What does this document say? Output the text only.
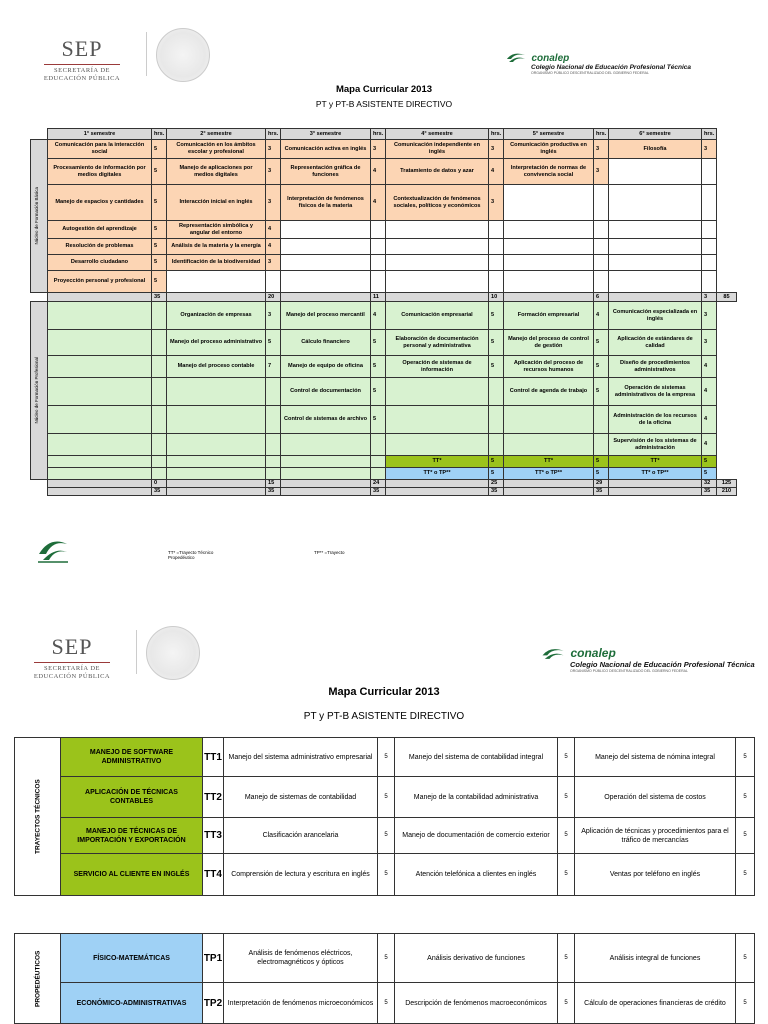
SEP
SECRETARÍA DE
EDUCACIÓN PÚBLICA
conalep
Colegio Nacional de Educación Profesional Técnica
ORGANISMO PÚBLICO DESCENTRALIZADO DEL GOBIERNO FEDERAL
Mapa Curricular 2013
PT y PT-B ASISTENTE DIRECTIVO
	1° semestre	hrs.	2° semestre	hrs.	3° semestre	hrs.	4° semestre	hrs.	5° semestre	hrs.	6° semestre	hrs.	

Núcleo de Formación Básica	Comunicación para la interacción social	5	Comunicación en los ámbitos escolar y profesional	3	Comunicación activa en inglés	3	Comunicación independiente en inglés	3	Comunicación productiva en inglés	3	Filosofía	3	
	Procesamiento de información por medios digitales	5	Manejo de aplicaciones por medios digitales	3	Representación gráfica de funciones	4	Tratamiento de datos y azar	4	Interpretación de normas de convivencia social	3			
	Manejo de espacios y cantidades	5	Interacción inicial en inglés	3	Interpretación de fenómenos físicos de la materia	4	Contextualización de fenómenos sociales, políticos y económicos	3					
	Autogestión del aprendizaje	5	Representación simbólica y angular del entorno	4									
	Resolución de problemas	5	Análisis de la materia y la energía	4									
	Desarrollo ciudadano	5	Identificación de la biodiversidad	3									
	Proyección personal y profesional	5											
		35		20		11		10		6		3	85

Núcleo de Formación Profesional			Organización de empresas	3	Manejo del proceso mercantil	4	Comunicación empresarial	5	Formación empresarial	4	Comunicación especializada en inglés	3	
			Manejo del proceso administrativo	5	Cálculo financiero	5	Elaboración de documentación personal y administrativa	5	Manejo del proceso de control de gestión	5	Aplicación de estándares de calidad	3	
			Manejo del proceso contable	7	Manejo de equipo de oficina	5	Operación de sistemas de información	5	Aplicación del proceso de recursos humanos	5	Diseño de procedimientos administrativos	4	
					Control de documentación	5			Control de agenda de trabajo	5	Operación de sistemas administrativos de la empresa	4	
					Control de sistemas de archivo	5					Administración de los recursos de la oficina	4	
											Supervisión de los sistemas de administración	4	
							TT*	5	TT*	5	TT*	5	
							TT* o TP**	5	TT* o TP**	5	TT* o TP**	5	
		0		15		24		25		29		32	125
		35		35		35		35		35		35	210
TT* =Trayecto Técnico Propedéutico
TP** =Trayecto
SEP
SECRETARÍA DE
EDUCACIÓN PÚBLICA
conalep
Colegio Nacional de Educación Profesional Técnica
ORGANISMO PÚBLICO DESCENTRALIZADO DEL GOBIERNO FEDERAL
Mapa Curricular 2013
PT y PT-B ASISTENTE DIRECTIVO
TRAYECTOS TÉCNICOS	MANEJO DE SOFTWARE ADMINISTRATIVO	TT1	Manejo del sistema administrativo empresarial	5	Manejo del sistema de contabilidad integral	5	Manejo del sistema de nómina integral	5
	APLICACIÓN DE TÉCNICAS CONTABLES	TT2	Manejo de sistemas de contabilidad	5	Manejo de la contabilidad administrativa	5	Operación del sistema de costos	5
	MANEJO DE TÉCNICAS DE IMPORTACIÓN Y EXPORTACIÓN	TT3	Clasificación arancelaria	5	Manejo de documentación de comercio exterior	5	Aplicación de técnicas y procedimientos para el tráfico de mercancías	5
	SERVICIO AL CLIENTE EN INGLÉS	TT4	Comprensión de lectura y escritura en inglés	5	Atención telefónica a clientes en inglés	5	Ventas por teléfono en inglés	5
PROPEDÉUTICOS	FÍSICO-MATEMÁTICAS	TP1	Análisis de fenómenos eléctricos, electromagnéticos y ópticos	5	Análisis derivativo de funciones	5	Análisis integral de funciones	5
	ECONÓMICO-ADMINISTRATIVAS	TP2	Interpretación de fenómenos microeconómicos	5	Descripción de fenómenos macroeconómicos	5	Cálculo de operaciones financieras de crédito	5
